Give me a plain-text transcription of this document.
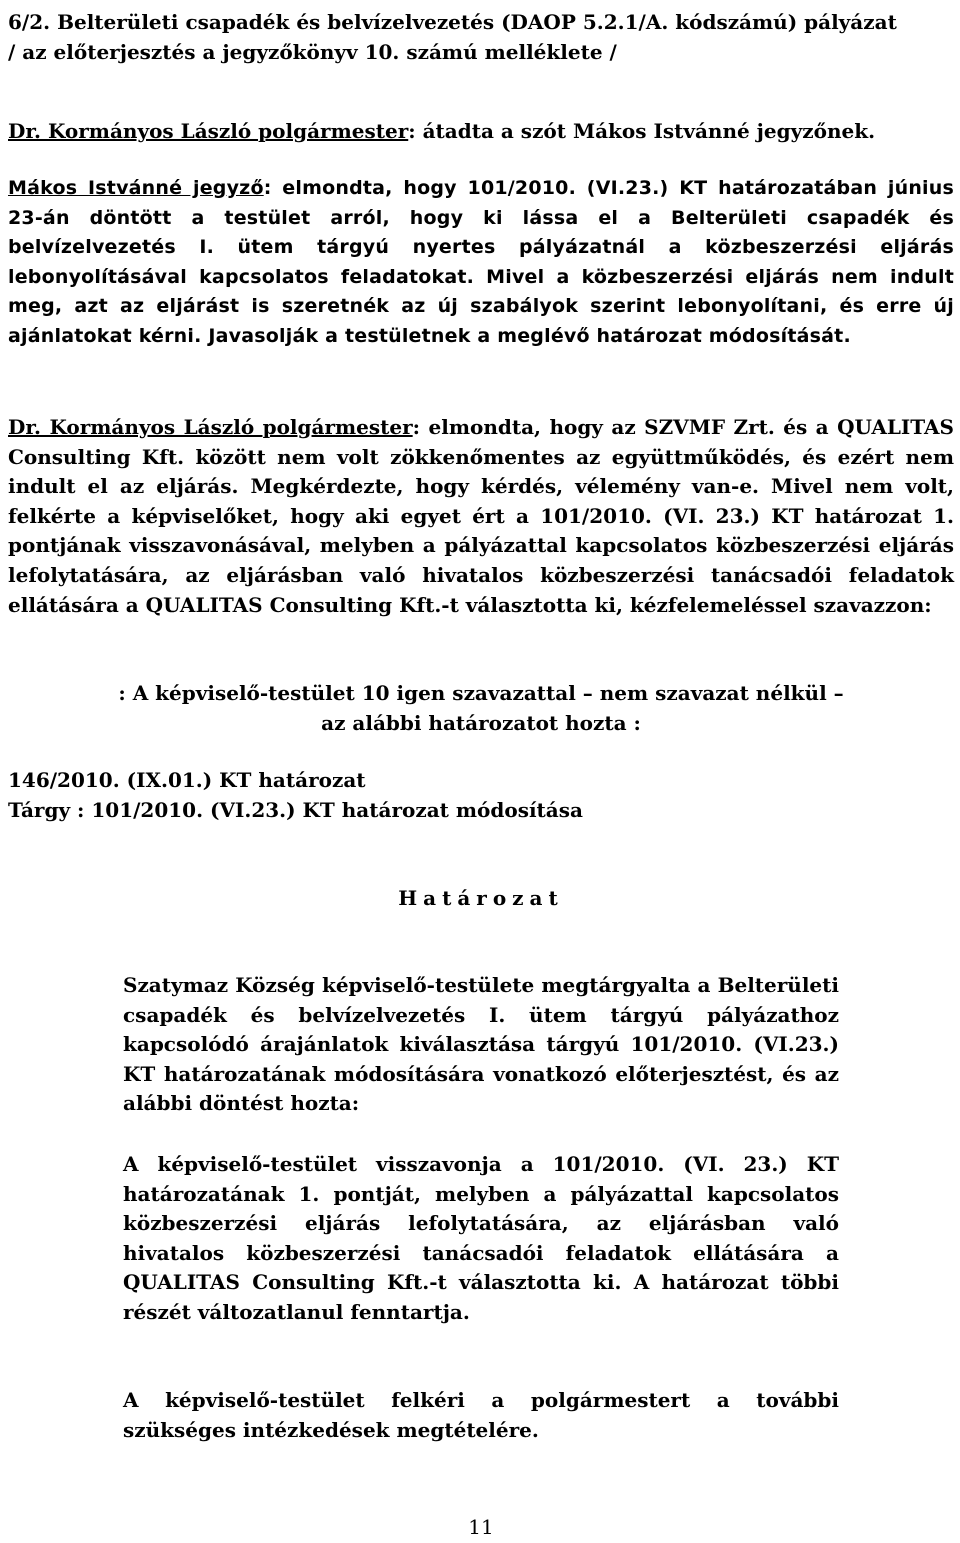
6/2. Belterületi csapadék és belvízelvezetés (DAOP 5.2.1/A. kódszámú) pályázat
/ az előterjesztés a jegyzőkönyv 10. számú melléklete /

Dr. Kormányos László polgármester: átadta a szót Mákos Istvánné jegyzőnek.

Mákos Istvánné jegyző: elmondta, hogy 101/2010. (VI.23.) KT határozatában június 23-án döntött a testület arról, hogy ki lássa el a Belterületi csapadék és belvízelvezetés I. ütem tárgyú nyertes pályázatnál a közbeszerzési eljárás lebonyolításával kapcsolatos feladatokat. Mivel a közbeszerzési eljárás nem indult meg, azt az eljárást is szeretnék az új szabályok szerint lebonyolítani, és erre új ajánlatokat kérni. Javasolják a testületnek a meglévő határozat módosítását.

Dr. Kormányos László polgármester: elmondta, hogy az SZVMF Zrt. és a QUALITAS Consulting Kft. között nem volt zökkenőmentes az együttműködés, és ezért nem indult el az eljárás. Megkérdezte, hogy kérdés, vélemény van-e. Mivel nem volt, felkérte a képviselőket, hogy aki egyet ért a 101/2010. (VI. 23.) KT határozat 1. pontjának visszavonásával, melyben a pályázattal kapcsolatos közbeszerzési eljárás lefolytatására, az eljárásban való hivatalos közbeszerzési tanácsadói feladatok ellátására a QUALITAS Consulting Kft.-t választotta ki, kézfelemeléssel szavazzon:

: A képviselő-testület 10 igen szavazattal – nem szavazat nélkül –
az alábbi határozatot hozta :

146/2010. (IX.01.) KT határozat
Tárgy : 101/2010. (VI.23.) KT határozat módosítása

Határozat

Szatymaz Község képviselő-testülete megtárgyalta a Belterületi csapadék és belvízelvezetés I. ütem tárgyú pályázathoz kapcsolódó árajánlatok kiválasztása tárgyú 101/2010. (VI.23.) KT határozatának módosítására vonatkozó előterjesztést, és az alábbi döntést hozta:

A képviselő-testület visszavonja a 101/2010. (VI. 23.) KT határozatának 1. pontját, melyben a pályázattal kapcsolatos közbeszerzési eljárás lefolytatására, az eljárásban való hivatalos közbeszerzési tanácsadói feladatok ellátására a QUALITAS Consulting Kft.-t választotta ki. A határozat többi részét változatlanul fenntartja.

A képviselő-testület felkéri a polgármestert a további szükséges intézkedések megtételére.

11
